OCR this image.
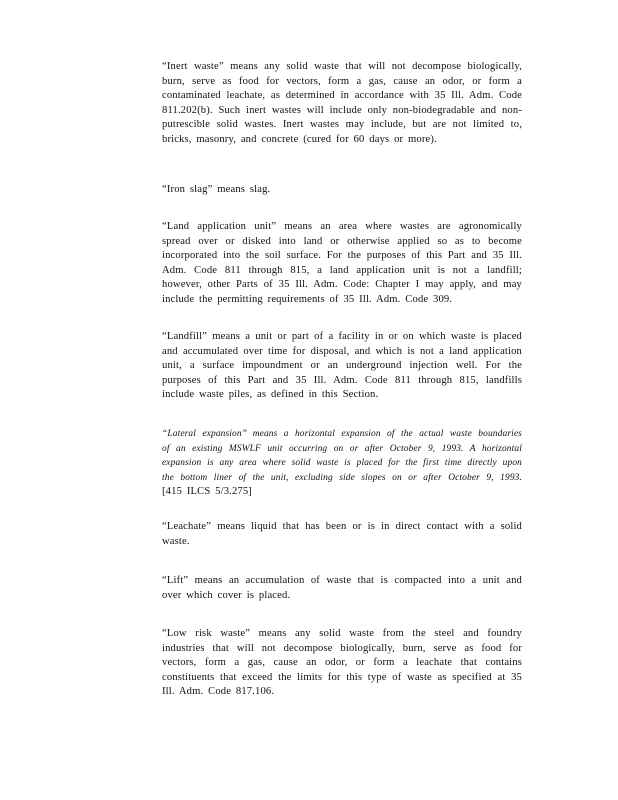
“Inert waste” means any solid waste that will not decompose biologically, burn, serve as food for vectors, form a gas, cause an odor, or form a contaminated leachate, as determined in accordance with 35 Ill. Adm. Code 811.202(b). Such inert wastes will include only non-biodegradable and non-putrescible solid wastes. Inert wastes may include, but are not limited to, bricks, masonry, and concrete (cured for 60 days or more).

“Iron slag” means slag.

“Land application unit” means an area where wastes are agronomically spread over or disked into land or otherwise applied so as to become incorporated into the soil surface. For the purposes of this Part and 35 Ill. Adm. Code 811 through 815, a land application unit is not a landfill; however, other Parts of 35 Ill. Adm. Code: Chapter I may apply, and may include the permitting requirements of 35 Ill. Adm. Code 309.

“Landfill” means a unit or part of a facility in or on which waste is placed and accumulated over time for disposal, and which is not a land application unit, a surface impoundment or an underground injection well. For the purposes of this Part and 35 Ill. Adm. Code 811 through 815, landfills include waste piles, as defined in this Section.

“Lateral expansion” means a horizontal expansion of the actual waste boundaries of an existing MSWLF unit occurring on or after October 9, 1993. A horizontal expansion is any area where solid waste is placed for the first time directly upon the bottom liner of the unit, excluding side slopes on or after October 9, 1993. [415 ILCS 5/3.275]

“Leachate” means liquid that has been or is in direct contact with a solid waste.

“Lift” means an accumulation of waste that is compacted into a unit and over which cover is placed.

“Low risk waste” means any solid waste from the steel and foundry industries that will not decompose biologically, burn, serve as food for vectors, form a gas, cause an odor, or form a leachate that contains constituents that exceed the limits for this type of waste as specified at 35 Ill. Adm. Code 817.106.
